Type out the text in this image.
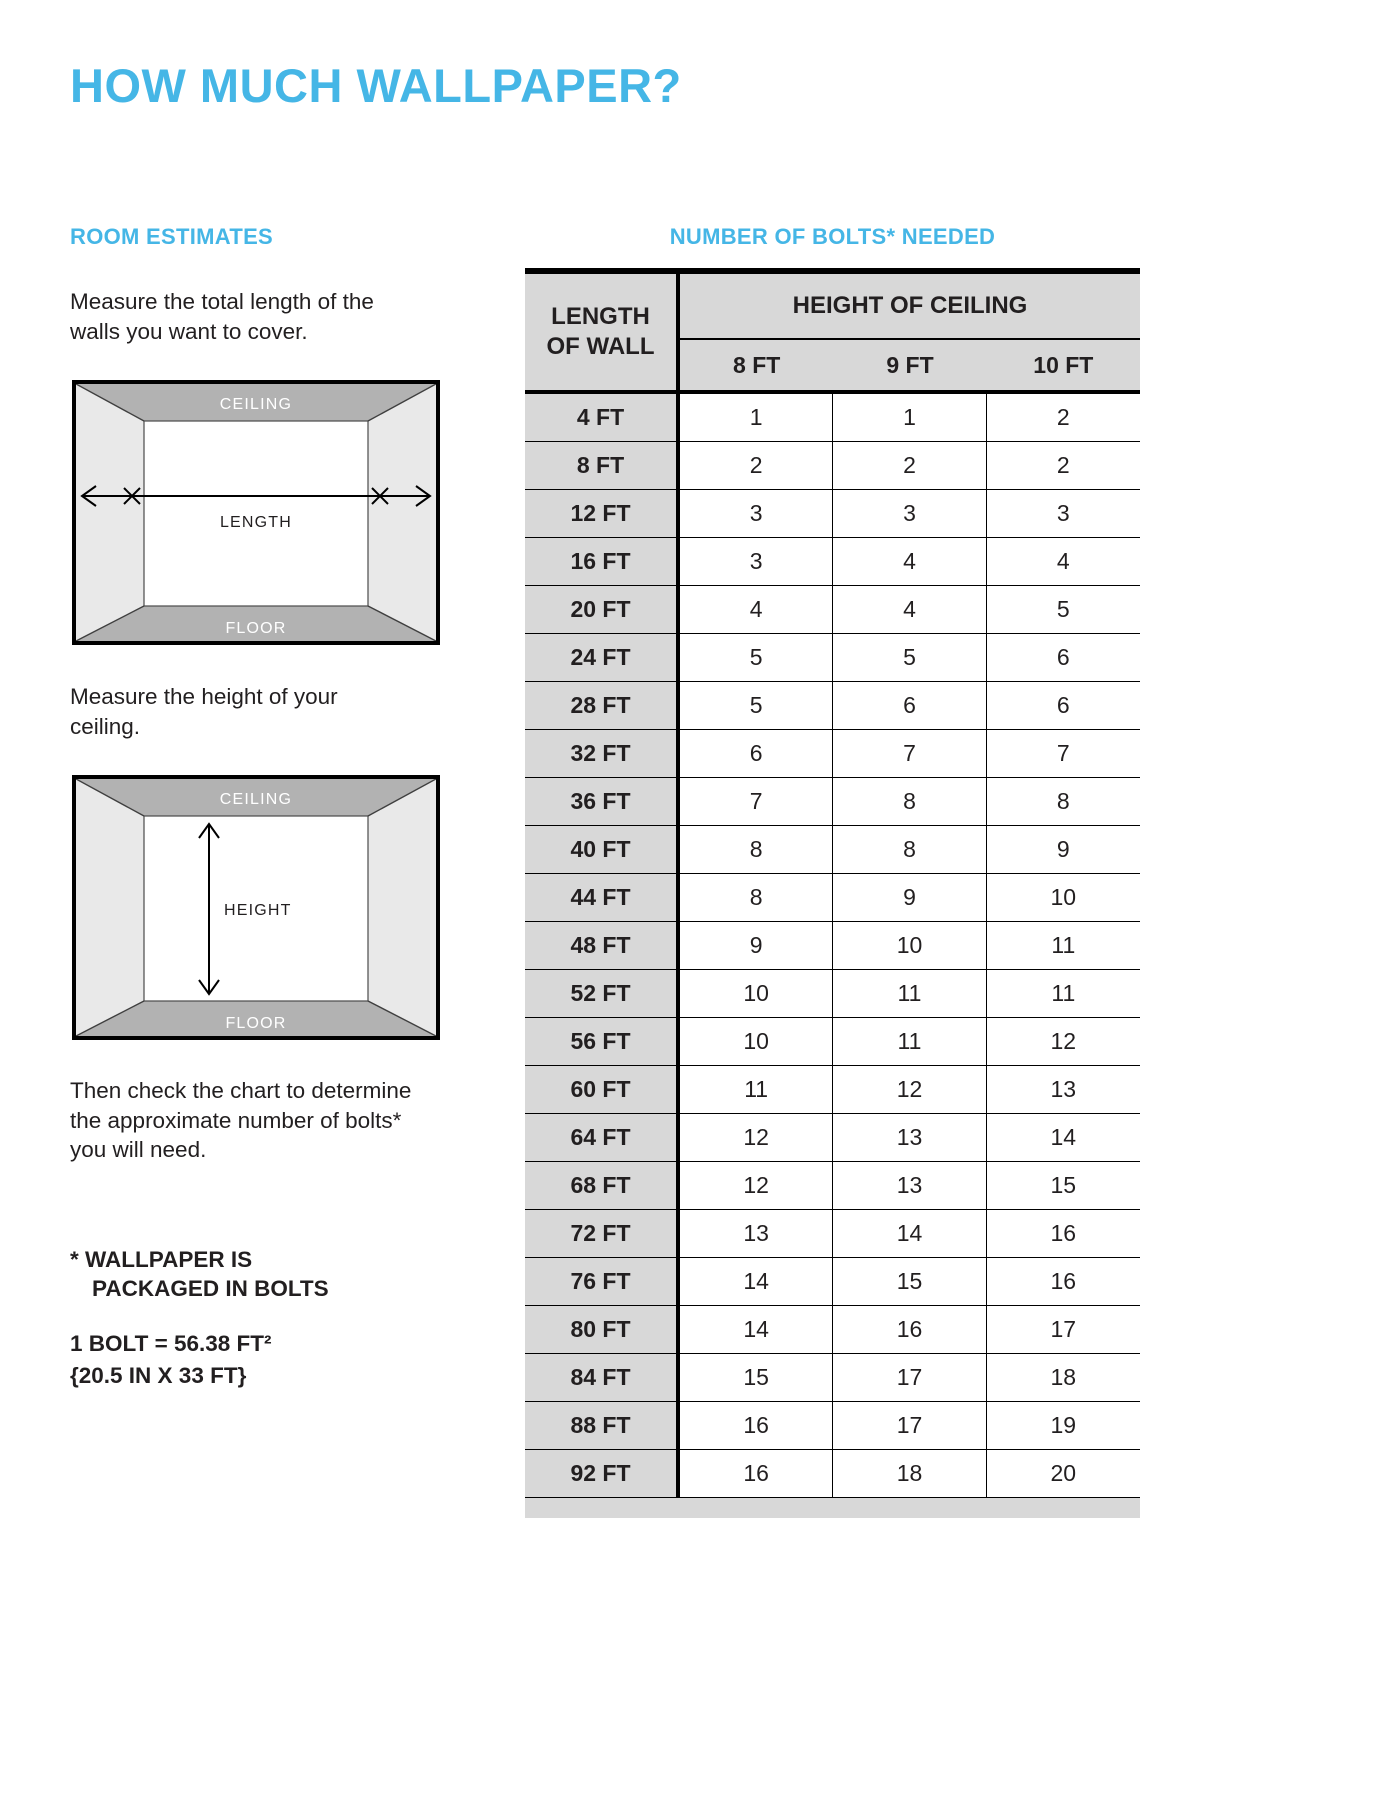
HOW MUCH WALLPAPER?
ROOM ESTIMATES

Measure the total length of the walls you want to cover.

CEILING
FLOOR
LENGTH

Measure the height of your ceiling.

CEILING
FLOOR
HEIGHT

Then check the chart to determine the approximate number of bolts* you will need.

* WALLPAPER IS
PACKAGED IN BOLTS
1 BOLT = 56.38 FT²
{20.5 IN X 33 FT}
NUMBER OF BOLTS* NEEDED
LENGTH
OF WALL
HEIGHT OF CEILING
8 FT	9 FT	10 FT
4 FT	1	1	2
8 FT	2	2	2
12 FT	3	3	3
16 FT	3	4	4
20 FT	4	4	5
24 FT	5	5	6
28 FT	5	6	6
32 FT	6	7	7
36 FT	7	8	8
40 FT	8	8	9
44 FT	8	9	10
48 FT	9	10	11
52 FT	10	11	11
56 FT	10	11	12
60 FT	11	12	13
64 FT	12	13	14
68 FT	12	13	15
72 FT	13	14	16
76 FT	14	15	16
80 FT	14	16	17
84 FT	15	17	18
88 FT	16	17	19
92 FT	16	18	20
